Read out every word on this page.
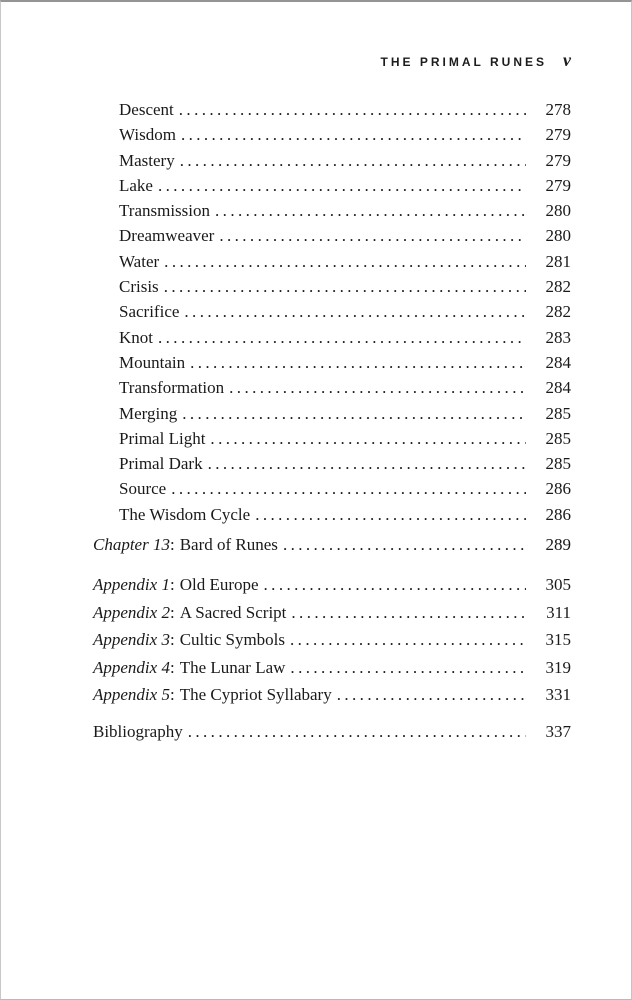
THE PRIMAL RUNES v
Descent .....	278
Wisdom .....	279
Mastery .....	279
Lake .....	279
Transmission .....	280
Dreamweaver .....	280
Water .....	281
Crisis .....	282
Sacrifice .....	282
Knot .....	283
Mountain .....	284
Transformation .....	284
Merging .....	285
Primal Light .....	285
Primal Dark .....	285
Source .....	286
The Wisdom Cycle .....	286
Chapter 13: Bard of Runes .....	289
Appendix 1: Old Europe .....	305
Appendix 2: A Sacred Script .....	311
Appendix 3: Cultic Symbols .....	315
Appendix 4: The Lunar Law .....	319
Appendix 5: The Cypriot Syllabary .....	331
Bibliography .....	337
